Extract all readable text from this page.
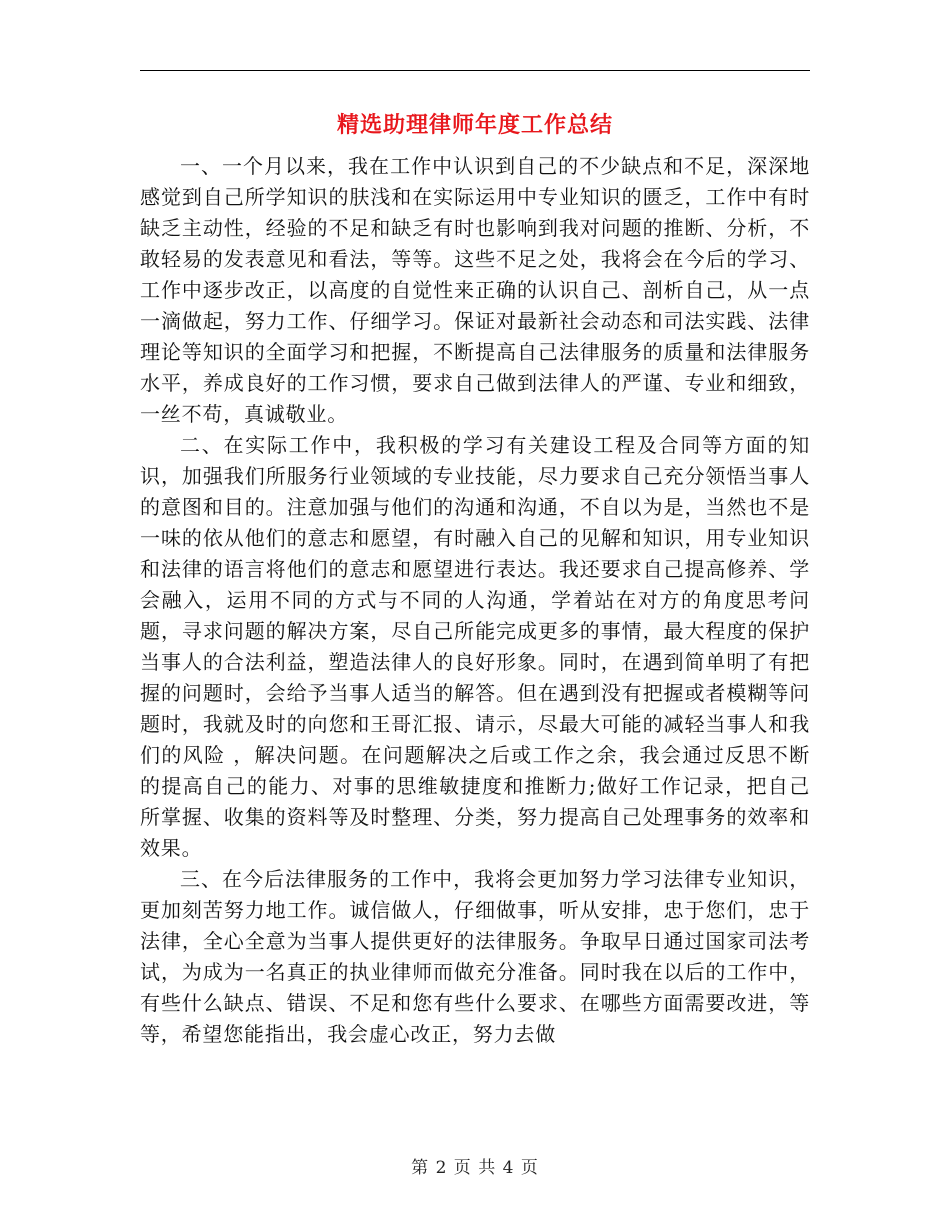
精选助理律师年度工作总结

一、一个月以来，我在工作中认识到自己的不少缺点和不足，深深地感觉到自己所学知识的肤浅和在实际运用中专业知识的匮乏，工作中有时缺乏主动性，经验的不足和缺乏有时也影响到我对问题的推断、分析，不敢轻易的发表意见和看法，等等。这些不足之处，我将会在今后的学习、工作中逐步改正，以高度的自觉性来正确的认识自己、剖析自己，从一点一滴做起，努力工作、仔细学习。保证对最新社会动态和司法实践、法律理论等知识的全面学习和把握，不断提高自己法律服务的质量和法律服务水平，养成良好的工作习惯，要求自己做到法律人的严谨、专业和细致，一丝不苟，真诚敬业。

二、在实际工作中，我积极的学习有关建设工程及合同等方面的知识，加强我们所服务行业领域的专业技能，尽力要求自己充分领悟当事人的意图和目的。注意加强与他们的沟通和沟通，不自以为是，当然也不是一味的依从他们的意志和愿望，有时融入自己的见解和知识，用专业知识和法律的语言将他们的意志和愿望进行表达。我还要求自己提高修养、学会融入，运用不同的方式与不同的人沟通，学着站在对方的角度思考问题，寻求问题的解决方案，尽自己所能完成更多的事情，最大程度的保护当事人的合法利益，塑造法律人的良好形象。同时，在遇到简单明了有把握的问题时，会给予当事人适当的解答。但在遇到没有把握或者模糊等问题时，我就及时的向您和王哥汇报、请示，尽最大可能的减轻当事人和我们的风险 ，解决问题。在问题解决之后或工作之余，我会通过反思不断的提高自己的能力、对事的思维敏捷度和推断力;做好工作记录，把自己所掌握、收集的资料等及时整理、分类，努力提高自己处理事务的效率和效果。

三、在今后法律服务的工作中，我将会更加努力学习法律专业知识，更加刻苦努力地工作。诚信做人，仔细做事，听从安排，忠于您们，忠于法律，全心全意为当事人提供更好的法律服务。争取早日通过国家司法考试，为成为一名真正的执业律师而做充分准备。同时我在以后的工作中，有些什么缺点、错误、不足和您有些什么要求、在哪些方面需要改进，等等，希望您能指出，我会虚心改正，努力去做

第 2 页 共 4 页
